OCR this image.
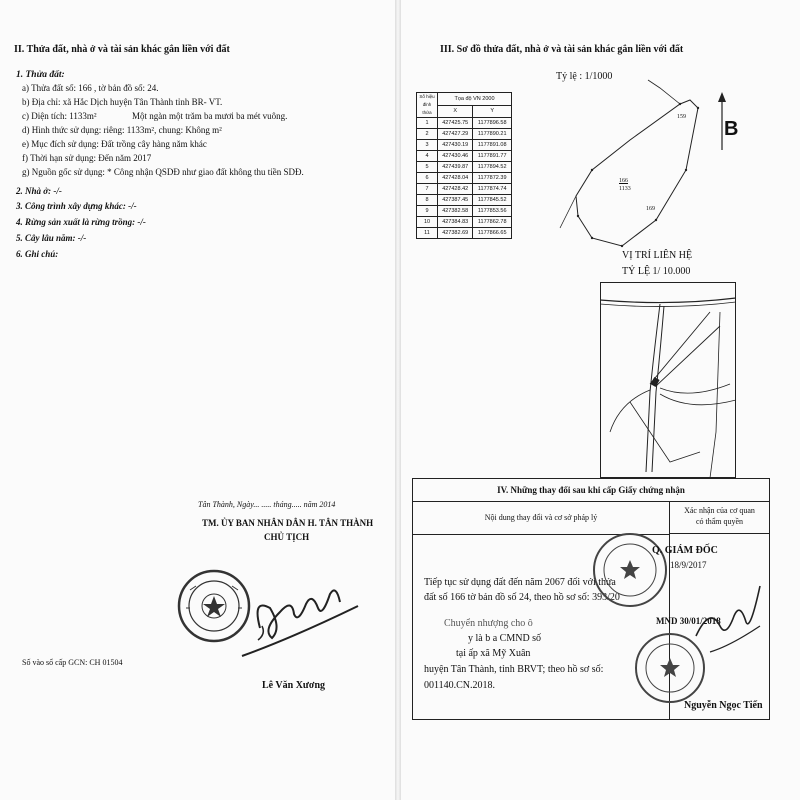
II. Thửa đất, nhà ở và tài sản khác gắn liền với đất
1. Thửa đất:
a) Thửa đất số: 166 , tờ bản đồ số: 24.
b) Địa chỉ: xã Hắc Dịch huyện Tân Thành tỉnh BR- VT.
c) Diện tích: 1133m²	Một ngàn một trăm ba mươi ba mét vuông.
d) Hình thức sử dụng: riêng: 1133m², chung: Không m²
e) Mục đích sử dụng: Đất trồng cây hàng năm khác
f) Thời hạn sử dụng: Đến năm 2017
g) Nguồn gốc sử dụng: * Công nhận QSDĐ như giao đất không thu tiền SDĐ.
2. Nhà ở: -/-
3. Công trình xây dựng khác: -/-
4. Rừng sản xuất là rừng trồng: -/-
5. Cây lâu năm: -/-
6. Ghi chú:
Tân Thành, Ngày... ..... tháng..... năm 2014
TM. ỦY BAN NHÂN DÂN H. TÂN THÀNH
CHỦ TỊCH
Lê Văn Xương
Số vào sổ cấp GCN: CH 01504
III. Sơ đồ thửa đất, nhà ở và tài sản khác gắn liền với đất
Tỷ lệ : 1/1000
Số hiệu đỉnh thửa	Tọa độ VN 2000	
	X	Y
1	427425.75	1177896.58
2	427427.29	1177890.21
3	427430.19	1177891.08
4	427430.46	1177891.77
5	427439.87	1177894.52
6	427428.04	1177872.39
7	427428.42	1177874.74
8	427387.45	1177845.52
9	427382.58	1177853.56
10	427384.83	1177862.78
11	427382.69	1177866.65
159
166
1133
169
B
VỊ TRÍ LIÊN HỆ
TỶ LỆ 1/ 10.000
IV. Những thay đổi sau khi cấp Giấy chứng nhận
Nội dung thay đổi và cơ sở pháp lý
Xác nhận của cơ quan
có thẩm quyền
Tiếp tục sử dụng đất đến năm 2067 đối với thửa
đất số 166 tờ bản đồ số 24, theo hồ sơ số: 393/20
Chuyển nhượng cho ô
y là b a CMND số
tại ấp xã Mỹ Xuân
huyện Tân Thành, tỉnh BRVT; theo hồ sơ số:
001140.CN.2018.
Q. GIÁM ĐỐC
18/9/2017
MND 30/01/2018
Nguyễn Ngọc Tiến
